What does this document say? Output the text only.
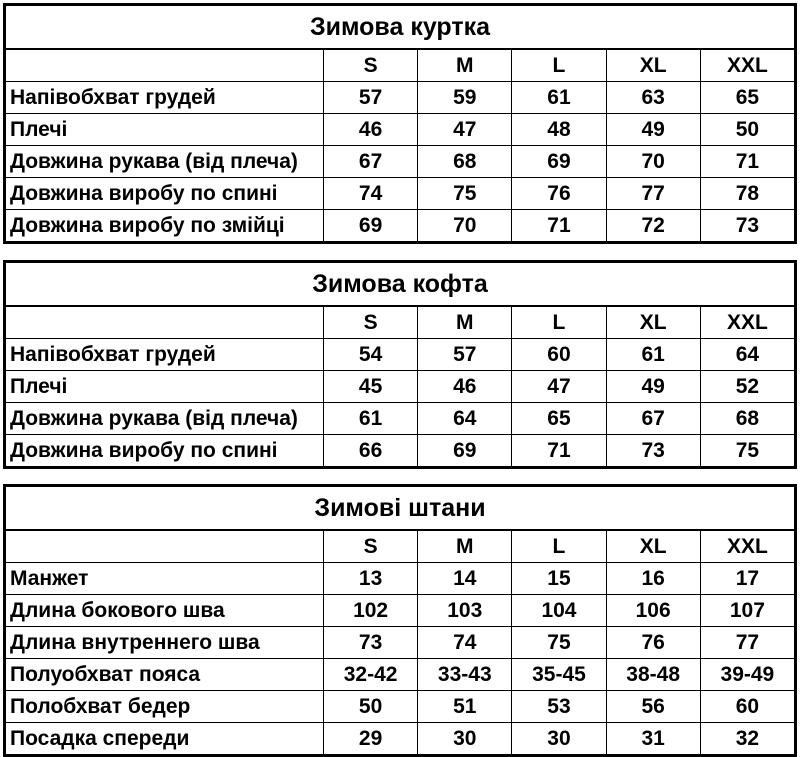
Зимова куртка					
	S	M	L	XL	XXL
Напівобхват грудей	57	59	61	63	65
Плечі	46	47	48	49	50
Довжина рукава (від плеча)	67	68	69	70	71
Довжина виробу по спині	74	75	76	77	78
Довжина виробу по змійці	69	70	71	72	73
Зимова кофта					
	S	M	L	XL	XXL
Напівобхват грудей	54	57	60	61	64
Плечі	45	46	47	49	52
Довжина рукава (від плеча)	61	64	65	67	68
Довжина виробу по спині	66	69	71	73	75
Зимові штани					
	S	M	L	XL	XXL
Манжет	13	14	15	16	17
Длина бокового шва	102	103	104	106	107
Длина внутреннего шва	73	74	75	76	77
Полуобхват пояса	32-42	33-43	35-45	38-48	39-49
Полобхват бедер	50	51	53	56	60
Посадка спереди	29	30	30	31	32
